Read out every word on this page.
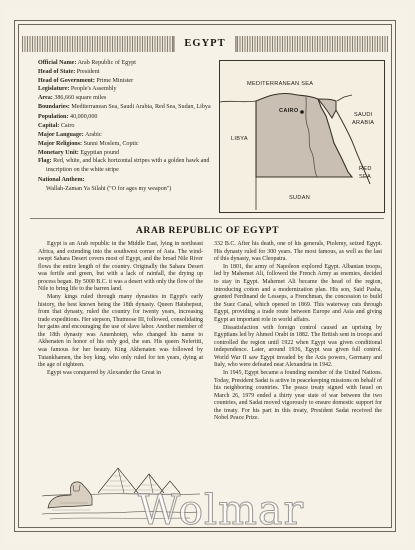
EGYPT
Official Name: Arab Republic of Egypt
Head of State: President
Head of Government: Prime Minister
Legislature: People's Assembly
Area: 386,660 square miles
Boundaries: Mediterranean Sea, Saudi Arabia, Red Sea, Sudan, Libya
Population: 40,000,000
Capital: Cairo
Major Language: Arabic
Major Religions: Sunni Moslem, Coptic
Monetary Unit: Egyptian pound
Flag: Red, white, and black horizontal stripes with a golden hawk and inscription on the white stripe
National Anthem:
Wallah-Zaman Ya Silahi ("O for ages my weapon")
MEDITERRANEAN SEA
CAIRO
SAUDI
ARABIA
LIBYA
RED
SEA
SUDAN
ARAB REPUBLIC OF EGYPT

Egypt is an Arab republic in the Middle East, lying in northeast Africa, and extending into the southwest corner of Asia. The wind-swept Sahara Desert covers most of Egypt, and the broad Nile River flows the entire length of the country. Originally the Sahara Desert was fertile and green, but with a lack of rainfall, the drying up process began. By 5000 B.C. it was a desert with only the flow of the Nile to bring life to the barren land.

Many kings ruled through many dynasties in Egypt's early history, the best known being the 18th dynasty. Queen Hatshepsut, from that dynasty, ruled the country for twenty years, increasing trade expeditions. Her stepson, Thutmose III, followed, consolidating her gains and encouraging the use of slave labor. Another member of the 18th dynasty was Amenhotep, who changed his name to Akhenaten in honor of his only god, the sun. His queen Nefertiti, was famous for her beauty. King Akhenaten was followed by Tutankhamen, the boy king, who only ruled for ten years, dying at the age of eighteen.

Egypt was conquered by Alexander the Great in

332 B.C. After his death, one of his generals, Ptolemy, seized Egypt. His dynasty ruled for 300 years. The most famous, as well as the last of this dynasty, was Cleopatra.

In 1801, the army of Napoleon explored Egypt. Albanian troops, led by Mahemet Ali, followed the French Army as enemies, decided to stay in Egypt. Mahemet Ali became the head of the region, introducing cotton and a modernization plan. His son, Said Pasha, granted Ferdinand de Lesseps, a Frenchman, the concession to build the Suez Canal, which opened in 1869. This waterway cuts through Egypt, providing a trade route between Europe and Asia and giving Egypt an important role in world affairs.

Dissatisfaction with foreign control caused an uprising by Egyptians led by Ahmed Orabi in 1882. The British sent in troops and controlled the region until 1922 when Egypt was given conditional independence. Later, around 1936, Egypt was given full control. World War II saw Egypt invaded by the Axis powers, Germany and Italy, who were defeated near Alexandria in 1942.

In 1945, Egypt became a founding member of the United Nations. Today, President Sadat is active in peacekeeping missions on behalf of his neighboring countries. The peace treaty signed with Israel on March 26, 1979 ended a thirty year state of war between the two countries, and Sadat moved vigorously to ensure domestic support for the treaty. For his part in this treaty, President Sadat received the Nobel Peace Prize.

Wolmar
